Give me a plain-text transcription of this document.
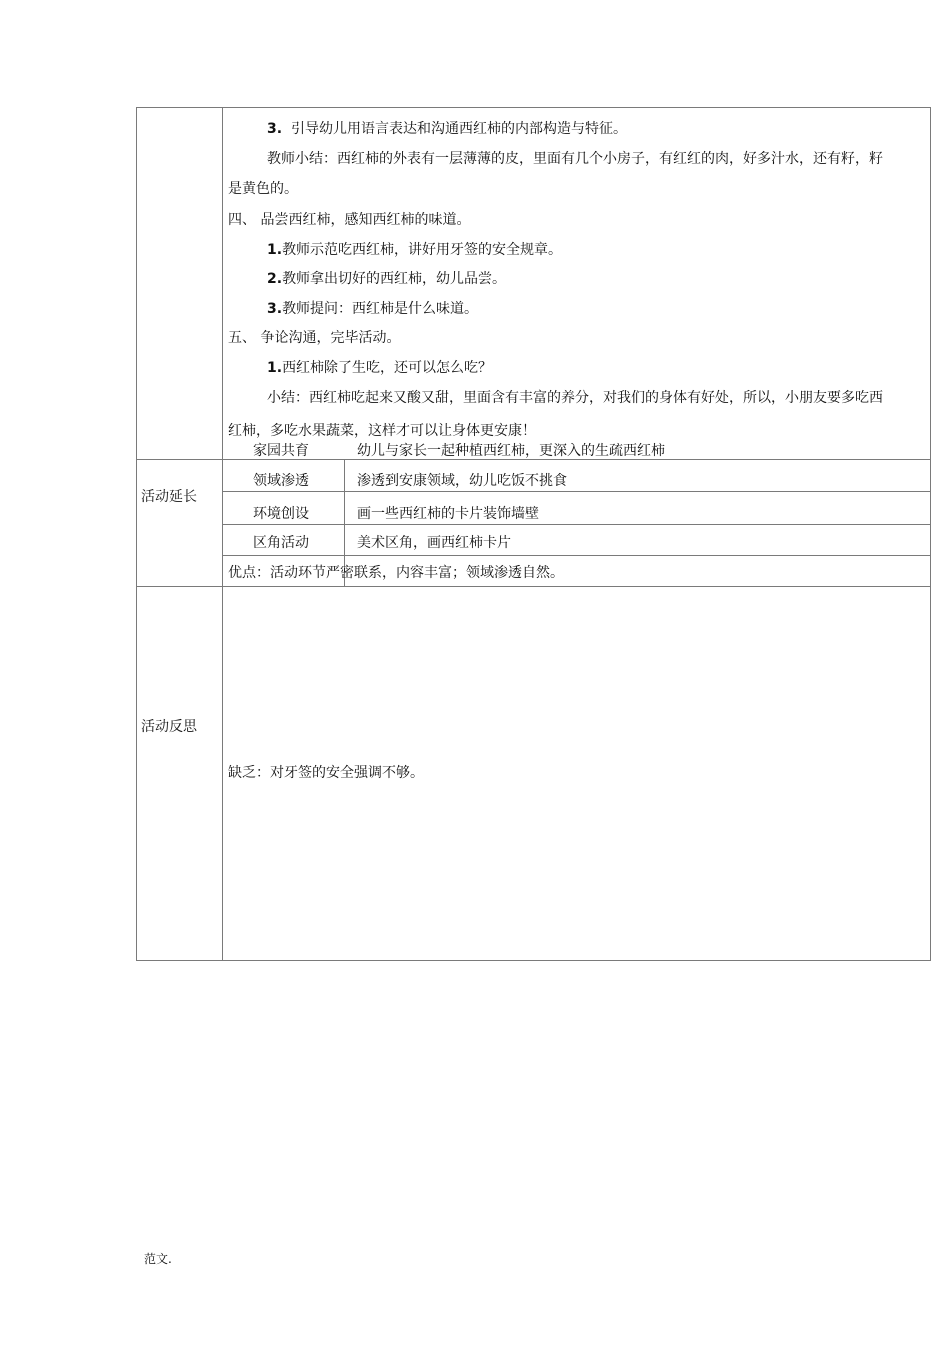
3. 引导幼儿用语言表达和沟通西红柿的内部构造与特征。
教师小结：西红柿的外表有一层薄薄的皮，里面有几个小房子，有红红的肉，好多汁水，还有籽，籽
是黄色的。
四、 品尝西红柿，感知西红柿的味道。
1.教师示范吃西红柿，讲好用牙签的安全规章。
2.教师拿出切好的西红柿，幼儿品尝。
3.教师提问：西红柿是什么味道。
五、 争论沟通，完毕活动。
1.西红柿除了生吃，还可以怎么吃？
小结：西红柿吃起来又酸又甜，里面含有丰富的养分，对我们的身体有好处，所以，小朋友要多吃西
红柿，多吃水果蔬菜，这样才可以让身体更安康！
家园共育	幼儿与家长一起种植西红柿，更深入的生疏西红柿
活动延长
领域渗透	渗透到安康领域，幼儿吃饭不挑食
环境创设	画一些西红柿的卡片装饰墙壁
区角活动	美术区角，画西红柿卡片
优点：活动环节严密联系，内容丰富；领域渗透自然。
活动反思
缺乏：对牙签的安全强调不够。
范文.
